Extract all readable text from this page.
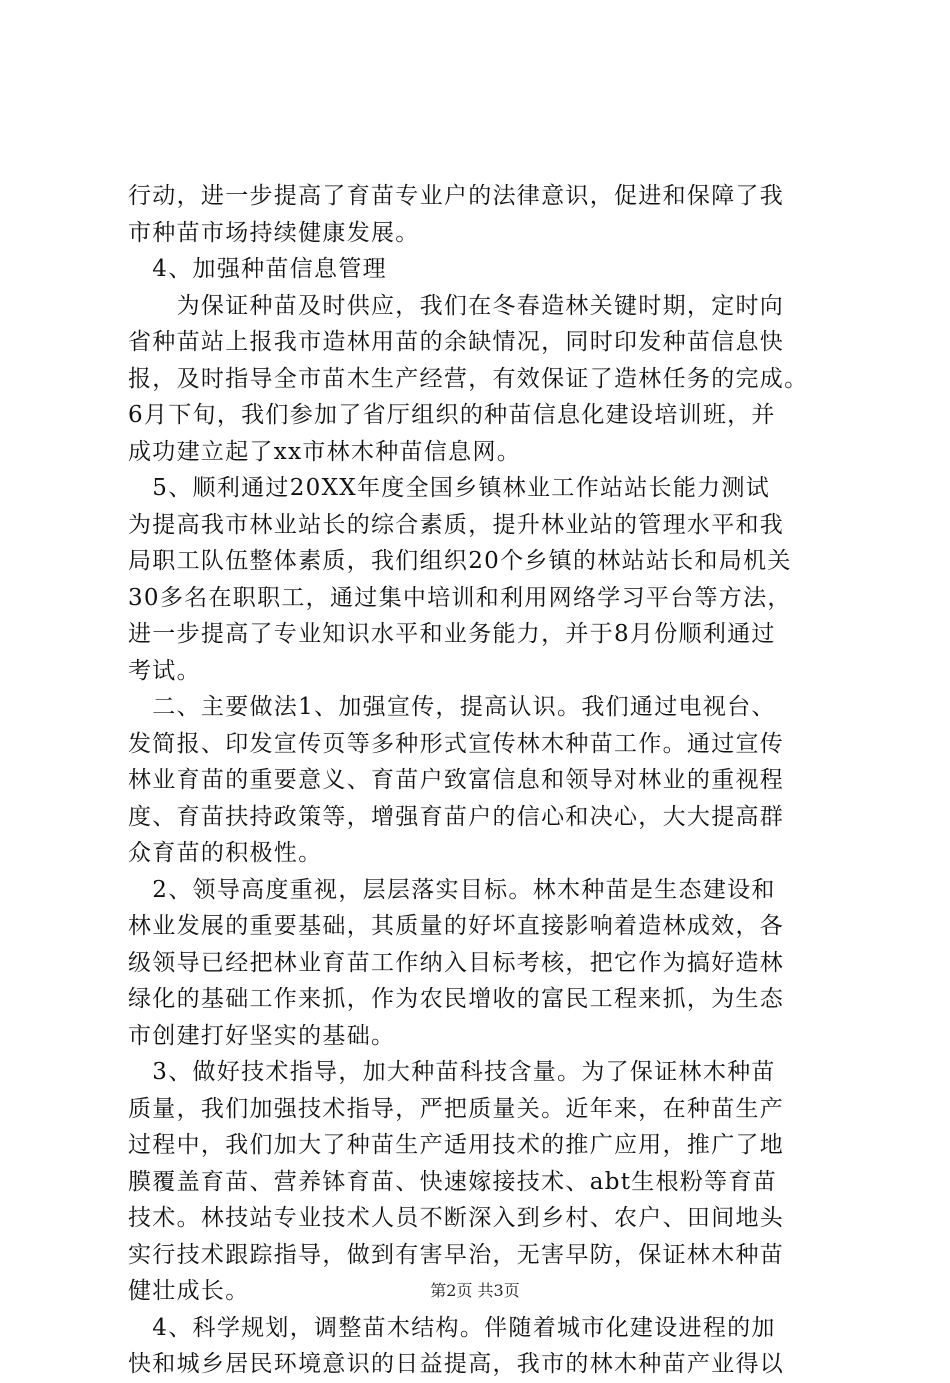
行动，进一步提高了育苗专业户的法律意识，促进和保障了我
市种苗市场持续健康发展。
　4、加强种苗信息管理
　　为保证种苗及时供应，我们在冬春造林关键时期，定时向
省种苗站上报我市造林用苗的余缺情况，同时印发种苗信息快
报，及时指导全市苗木生产经营，有效保证了造林任务的完成。
6月下旬，我们参加了省厅组织的种苗信息化建设培训班，并
成功建立起了xx市林木种苗信息网。
　5、顺利通过20XX年度全国乡镇林业工作站站长能力测试
为提高我市林业站长的综合素质，提升林业站的管理水平和我
局职工队伍整体素质，我们组织20个乡镇的林站站长和局机关
30多名在职职工，通过集中培训和利用网络学习平台等方法，
进一步提高了专业知识水平和业务能力，并于8月份顺利通过
考试。
　二、主要做法1、加强宣传，提高认识。我们通过电视台、
发简报、印发宣传页等多种形式宣传林木种苗工作。通过宣传
林业育苗的重要意义、育苗户致富信息和领导对林业的重视程
度、育苗扶持政策等，增强育苗户的信心和决心，大大提高群
众育苗的积极性。
　2、领导高度重视，层层落实目标。林木种苗是生态建设和
林业发展的重要基础，其质量的好坏直接影响着造林成效，各
级领导已经把林业育苗工作纳入目标考核，把它作为搞好造林
绿化的基础工作来抓，作为农民增收的富民工程来抓，为生态
市创建打好坚实的基础。
　3、做好技术指导，加大种苗科技含量。为了保证林木种苗
质量，我们加强技术指导，严把质量关。近年来，在种苗生产
过程中，我们加大了种苗生产适用技术的推广应用，推广了地
膜覆盖育苗、营养钵育苗、快速嫁接技术、abt生根粉等育苗
技术。林技站专业技术人员不断深入到乡村、农户、田间地头
实行技术跟踪指导，做到有害早治，无害早防，保证林木种苗
健壮成长。
　4、科学规划，调整苗木结构。伴随着城市化建设进程的加
快和城乡居民环境意识的日益提高，我市的林木种苗产业得以
第2页 共3页
